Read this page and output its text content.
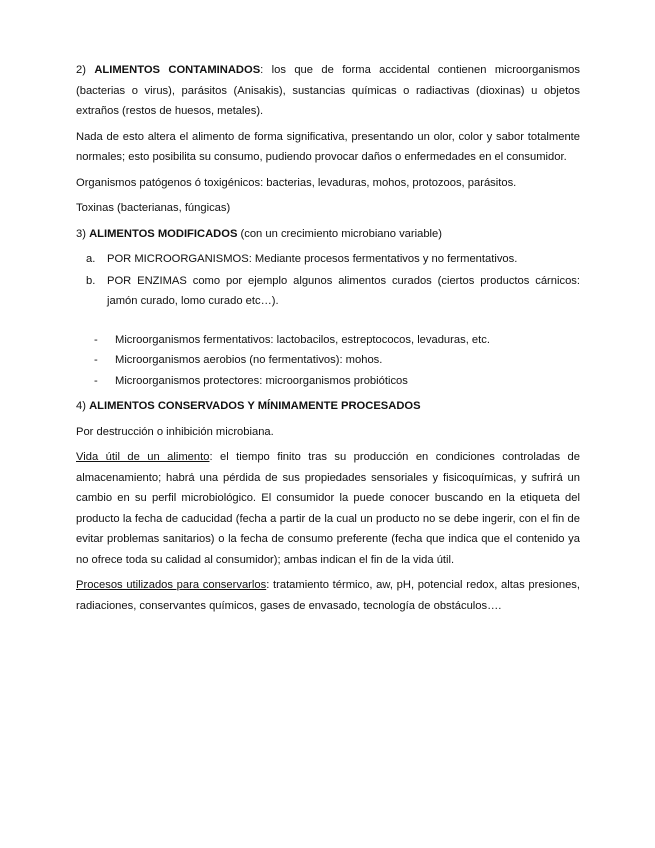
2) ALIMENTOS CONTAMINADOS: los que de forma accidental contienen microorganismos (bacterias o virus), parásitos (Anisakis), sustancias químicas o radiactivas (dioxinas) u objetos extraños (restos de huesos, metales).

Nada de esto altera el alimento de forma significativa, presentando un olor, color y sabor totalmente normales; esto posibilita su consumo, pudiendo provocar daños o enfermedades en el consumidor.

Organismos patógenos ó toxigénicos: bacterias, levaduras, mohos, protozoos, parásitos.

Toxinas (bacterianas, fúngicas)

3) ALIMENTOS MODIFICADOS (con un crecimiento microbiano variable)

a. POR MICROORGANISMOS: Mediante procesos fermentativos y no fermentativos.
b. POR ENZIMAS como por ejemplo algunos alimentos curados (ciertos productos cárnicos: jamón curado, lomo curado etc…).
- Microorganismos fermentativos: lactobacilos, estreptococos, levaduras, etc.
- Microorganismos aerobios (no fermentativos): mohos.
- Microorganismos protectores: microorganismos probióticos

4) ALIMENTOS CONSERVADOS Y MÍNIMAMENTE PROCESADOS

Por destrucción o inhibición microbiana.

Vida útil de un alimento: el tiempo finito tras su producción en condiciones controladas de almacenamiento; habrá una pérdida de sus propiedades sensoriales y fisicoquímicas, y sufrirá un cambio en su perfil microbiológico. El consumidor la puede conocer buscando en la etiqueta del producto la fecha de caducidad (fecha a partir de la cual un producto no se debe ingerir, con el fin de evitar problemas sanitarios) o la fecha de consumo preferente (fecha que indica que el contenido ya no ofrece toda su calidad al consumidor); ambas indican el fin de la vida útil.

Procesos utilizados para conservarlos: tratamiento térmico, aw, pH, potencial redox, altas presiones, radiaciones, conservantes químicos, gases de envasado, tecnología de obstáculos….
